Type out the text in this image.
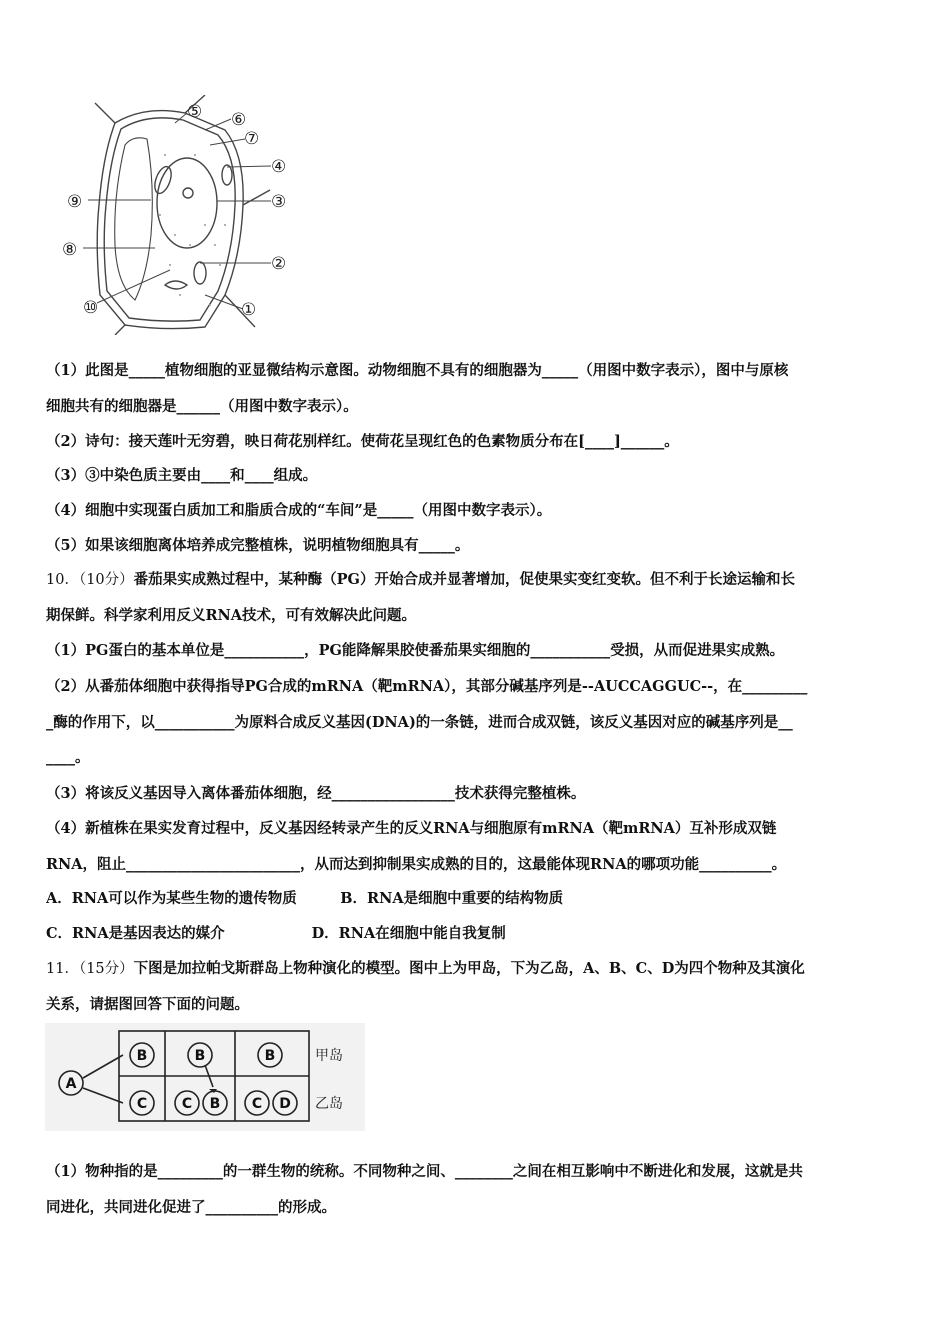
⑤ ⑥
⑦
④
③
⑨
⑧
②
⑩	①
（1）此图是_____植物细胞的亚显微结构示意图。动物细胞不具有的细胞器为_____（用图中数字表示），图中与原核
细胞共有的细胞器是______（用图中数字表示）。
（2）诗句：接天莲叶无穷碧，映日荷花别样红。使荷花呈现红色的色素物质分布在[____]______。
（3）③中染色质主要由____和____组成。
（4）细胞中实现蛋白质加工和脂质合成的“车间”是_____（用图中数字表示）。
（5）如果该细胞离体培养成完整植株，说明植物细胞具有_____。
10．（10分）番茄果实成熟过程中，某种酶（PG）开始合成并显著增加，促使果实变红变软。但不利于长途运输和长
期保鲜。科学家利用反义RNA技术，可有效解决此问题。
（1）PG蛋白的基本单位是___________，PG能降解果胶使番茄果实细胞的___________受损，从而促进果实成熟。
（2）从番茄体细胞中获得指导PG合成的mRNA（靶mRNA），其部分碱基序列是--AUCCAGGUC--，在_________
_酶的作用下，以___________为原料合成反义基因(DNA)的一条链，进而合成双链，该反义基因对应的碱基序列是__
____。
（3）将该反义基因导入离体番茄体细胞，经_________________技术获得完整植株。
（4）新植株在果实发育过程中，反义基因经转录产生的反义RNA与细胞原有mRNA（靶mRNA）互补形成双链
RNA，阻止________________________，从而达到抑制果实成熟的目的，这最能体现RNA的哪项功能__________。
A．RNA可以作为某些生物的遗传物质　　　B．RNA是细胞中重要的结构物质
C．RNA是基因表达的媒介　　　　　　D．RNA在细胞中能自我复制
11．（15分）下图是加拉帕戈斯群岛上物种演化的模型。图中上为甲岛，下为乙岛，A、B、C、D为四个物种及其演化
关系，请据图回答下面的问题。
A
B	B	B
C C B C D
甲岛
乙岛
（1）物种指的是_________的一群生物的统称。不同物种之间、________之间在相互影响中不断进化和发展，这就是共
同进化，共同进化促进了__________的形成。
